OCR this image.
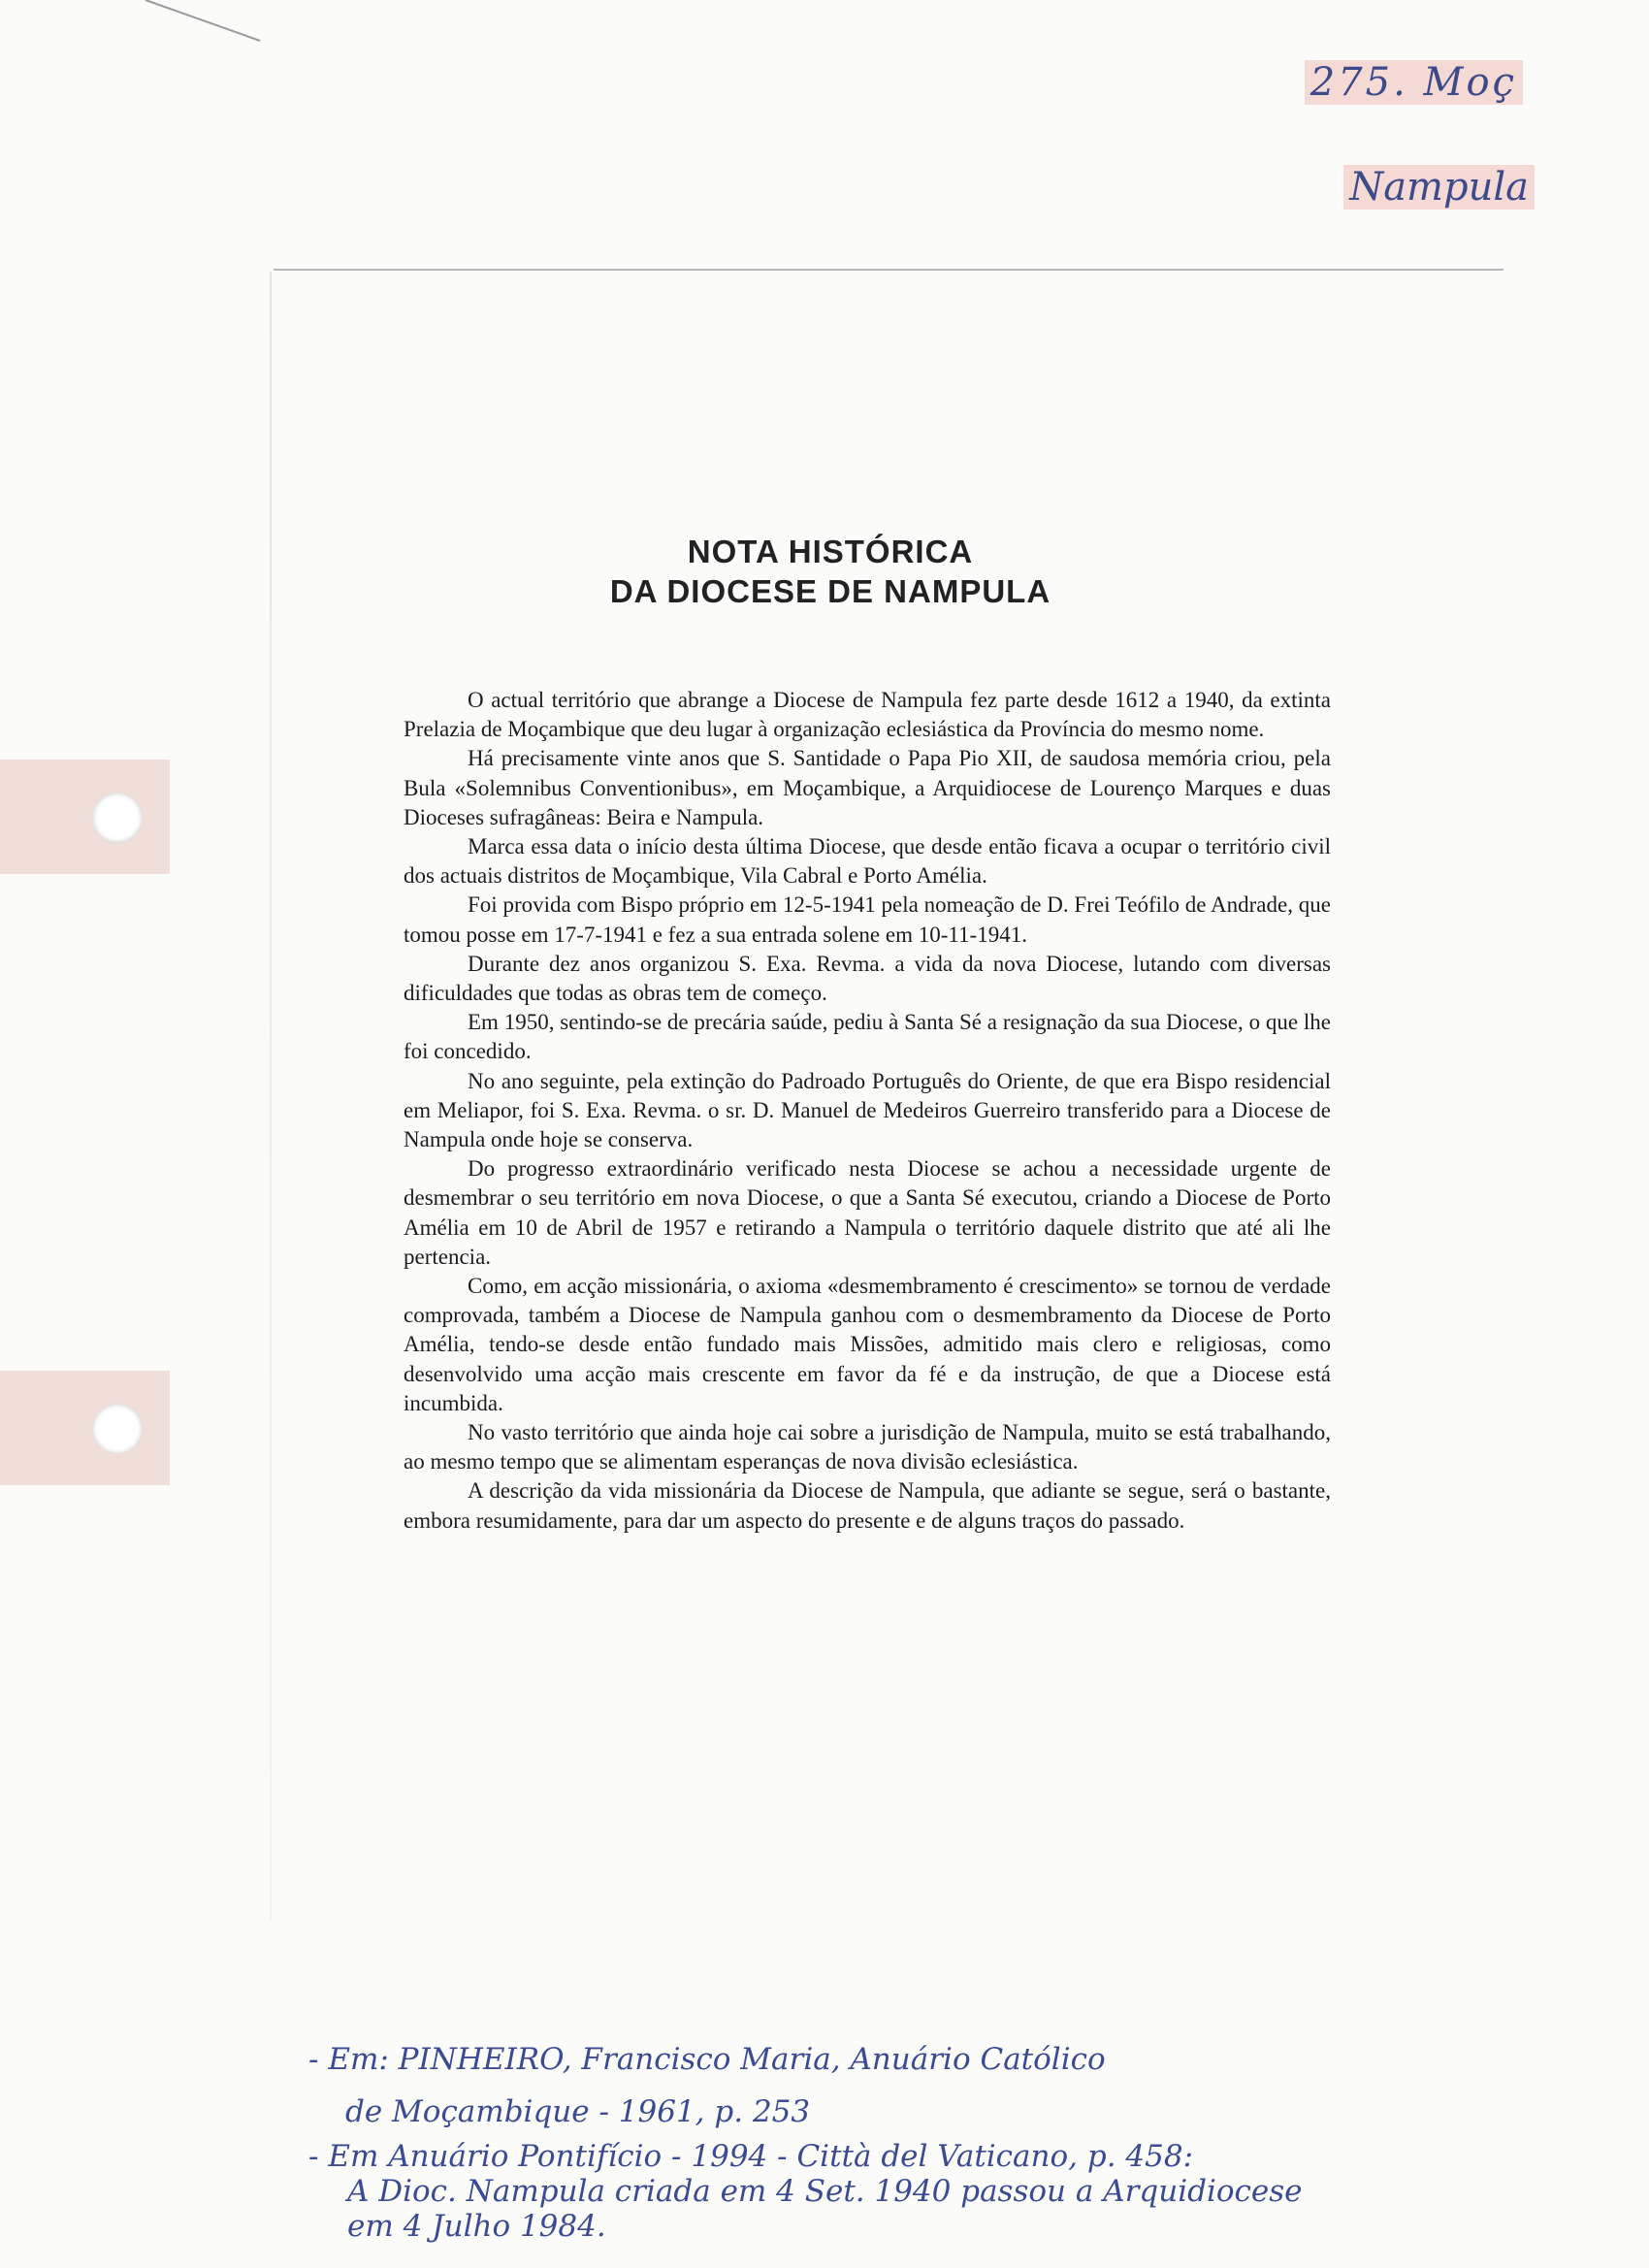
275. Moç
Nampula
NOTA HISTÓRICA
DA DIOCESE DE NAMPULA

O actual território que abrange a Diocese de Nampula fez parte desde 1612 a 1940, da extinta Prelazia de Moçambique que deu lugar à organização eclesiástica da Província do mesmo nome.

Há precisamente vinte anos que S. Santidade o Papa Pio XII, de saudosa memória criou, pela Bula «Solemnibus Conventionibus», em Moçambique, a Arquidiocese de Lourenço Marques e duas Dioceses sufragâneas: Beira e Nampula.

Marca essa data o início desta última Diocese, que desde então ficava a ocupar o território civil dos actuais distritos de Moçambique, Vila Cabral e Porto Amélia.

Foi provida com Bispo próprio em 12-5-1941 pela nomeação de D. Frei Teófilo de Andrade, que tomou posse em 17-7-1941 e fez a sua entrada solene em 10-11-1941.

Durante dez anos organizou S. Exa. Revma. a vida da nova Diocese, lutando com diversas dificuldades que todas as obras tem de começo.

Em 1950, sentindo-se de precária saúde, pediu à Santa Sé a resignação da sua Diocese, o que lhe foi concedido.

No ano seguinte, pela extinção do Padroado Português do Oriente, de que era Bispo residencial em Meliapor, foi S. Exa. Revma. o sr. D. Manuel de Medeiros Guerreiro transferido para a Diocese de Nampula onde hoje se conserva.

Do progresso extraordinário verificado nesta Diocese se achou a necessidade urgente de desmembrar o seu território em nova Diocese, o que a Santa Sé executou, criando a Diocese de Porto Amélia em 10 de Abril de 1957 e retirando a Nampula o território daquele distrito que até ali lhe pertencia.

Como, em acção missionária, o axioma «desmembramento é crescimento» se tornou de verdade comprovada, também a Diocese de Nampula ganhou com o desmembramento da Diocese de Porto Amélia, tendo-se desde então fundado mais Missões, admitido mais clero e religiosas, como desenvolvido uma acção mais crescente em favor da fé e da instrução, de que a Diocese está incumbida.

No vasto território que ainda hoje cai sobre a jurisdição de Nampula, muito se está trabalhando, ao mesmo tempo que se alimentam esperanças de nova divisão eclesiástica.

A descrição da vida missionária da Diocese de Nampula, que adiante se segue, será o bastante, embora resumidamente, para dar um aspecto do presente e de alguns traços do passado.

- Em: PINHEIRO, Francisco Maria, Anuário Católico
de Moçambique - 1961, p. 253
- Em Anuário Pontifício - 1994 - Città del Vaticano, p. 458:
A Dioc. Nampula criada em 4 Set. 1940 passou a Arquidiocese
em 4 Julho 1984.
